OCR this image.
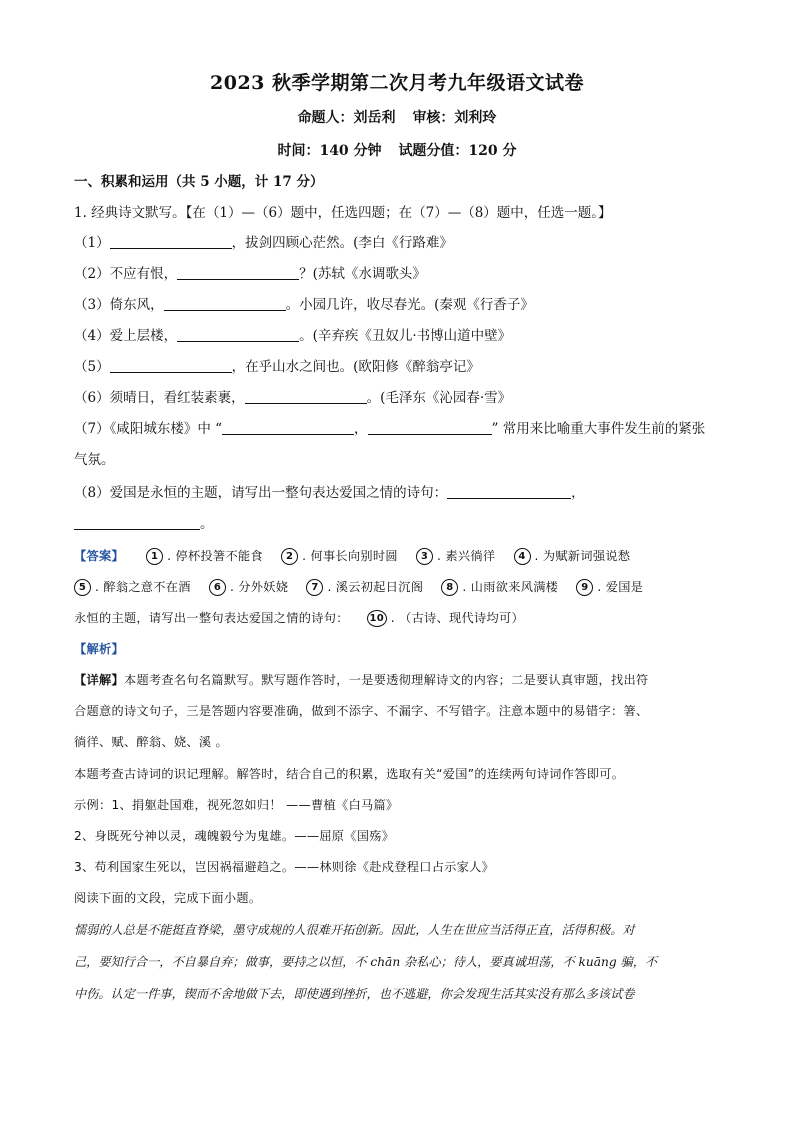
2023 秋季学期第二次月考九年级语文试卷
命题人：刘岳利 审核：刘利玲
时间：140 分钟 试题分值：120 分
一、积累和运用（共 5 小题，计 17 分）
1. 经典诗文默写。【在（1）—（6）题中，任选四题；在（7）—（8）题中，任选一题。】
（1）	，拔剑四顾心茫然。(李白《行路难》
（2）不应有恨，	？(苏轼《水调歌头》
（3）倚东风，	。小园几许，收尽春光。(秦观《行香子》
（4）爱上层楼，	。(辛弃疾《丑奴儿·书博山道中壁》
（5）	，在乎山水之间也。(欧阳修《醉翁亭记》
（6）须晴日，看红装素裹，	。(毛泽东《沁园春·雪》
（7）《咸阳城东楼》中 “	，	” 常用来比喻重大事件发生前的紧张
气氛。
（8）爱国是永恒的主题，请写出一整句表达爱国之情的诗句：	，
。
【答案】	1 . 停杯投箸不能食 2 . 何事长向别时圆 3 . 素兴徜徉 4 . 为赋新词强说愁
5 . 醉翁之意不在酒 6 . 分外妖娆 7 . 溪云初起日沉阁 8 . 山雨欲来风满楼 9 . 爱国是
永恒的主题，请写出一整句表达爱国之情的诗句： 10 . （古诗、现代诗均可）
【解析】
【详解】本题考查名句名篇默写。默写题作答时，一是要透彻理解诗文的内容；二是要认真审题，找出符
合题意的诗文句子，三是答题内容要准确，做到不添字、不漏字、不写错字。注意本题中的易错字：箸、
徜徉、赋、醉翁、娆、溪 。
本题考查古诗词的识记理解。解答时，结合自己的积累，选取有关“爱国”的连续两句诗词作答即可。
示例：1、捐躯赴国难，视死忽如归！ ——曹植《白马篇》
2、身既死兮神以灵，魂魄毅兮为鬼雄。——屈原《国殇》
3、苟利国家生死以，岂因祸福避趋之。——林则徐《赴戍登程口占示家人》
阅读下面的文段，完成下面小题。
懦弱的人总是不能挺直脊梁，墨守成规的人很难开拓创新。因此，人生在世应当活得正直，活得积极。对
己，要知行合一，不自暴自弃；做事，要持之以恒，不 chān 杂私心；待人，要真诚坦荡，不 kuāng 骗，不
中伤。认定一件事，锲而不舍地做下去，即使遇到挫折，也不逃避，你会发现生活其实没有那么多该试卷
